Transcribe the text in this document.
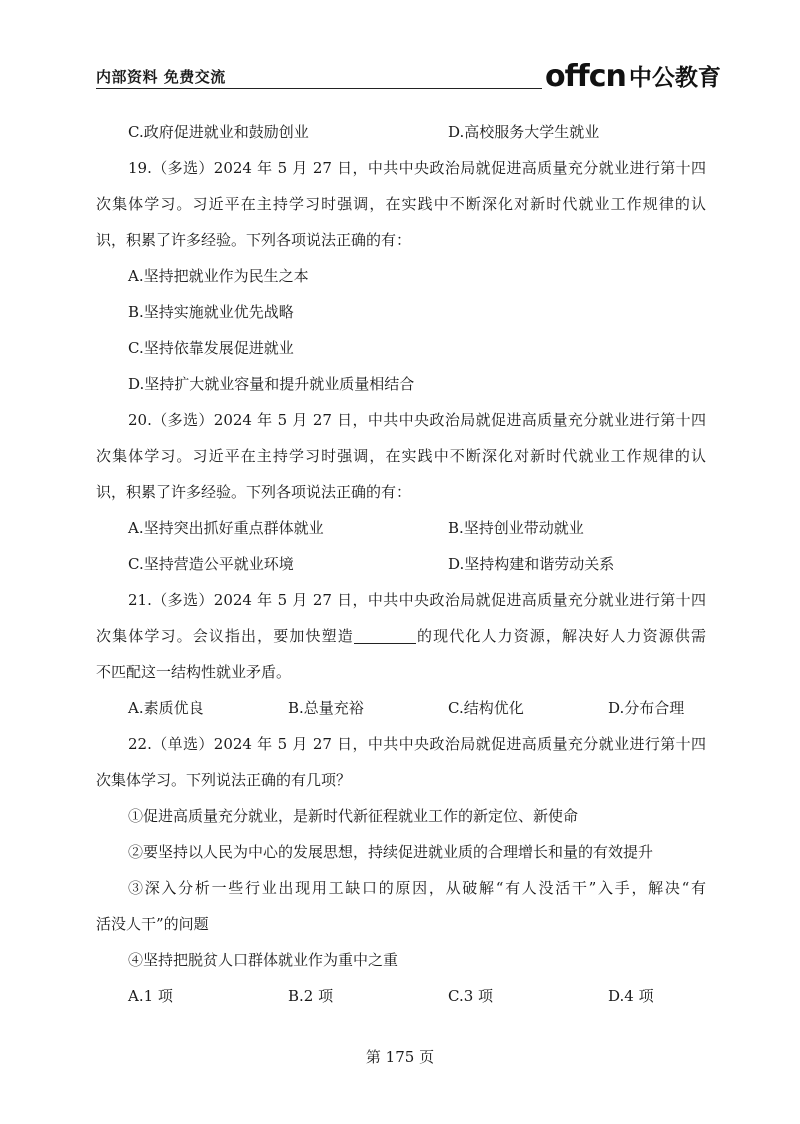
内部资料 免费交流	offcn 中公教育
C.政府促进就业和鼓励创业	D.高校服务大学生就业
19.（多选）2024 年 5 月 27 日，中共中央政治局就促进高质量充分就业进行第十四
次集体学习。习近平在主持学习时强调，在实践中不断深化对新时代就业工作规律的认
识，积累了许多经验。下列各项说法正确的有：
A.坚持把就业作为民生之本
B.坚持实施就业优先战略
C.坚持依靠发展促进就业
D.坚持扩大就业容量和提升就业质量相结合
20.（多选）2024 年 5 月 27 日，中共中央政治局就促进高质量充分就业进行第十四
次集体学习。习近平在主持学习时强调，在实践中不断深化对新时代就业工作规律的认
识，积累了许多经验。下列各项说法正确的有：
A.坚持突出抓好重点群体就业	B.坚持创业带动就业
C.坚持营造公平就业环境	D.坚持构建和谐劳动关系
21.（多选）2024 年 5 月 27 日，中共中央政治局就促进高质量充分就业进行第十四
次集体学习。会议指出，要加快塑造	的现代化人力资源，解决好人力资源供需
不匹配这一结构性就业矛盾。
A.素质优良	B.总量充裕	C.结构优化	D.分布合理
22.（单选）2024 年 5 月 27 日，中共中央政治局就促进高质量充分就业进行第十四
次集体学习。下列说法正确的有几项？
①促进高质量充分就业，是新时代新征程就业工作的新定位、新使命
②要坚持以人民为中心的发展思想，持续促进就业质的合理增长和量的有效提升
③深入分析一些行业出现用工缺口的原因，从破解“有人没活干”入手，解决“有
活没人干”的问题
④坚持把脱贫人口群体就业作为重中之重
A.1 项	B.2 项	C.3 项	D.4 项
第 175 页
